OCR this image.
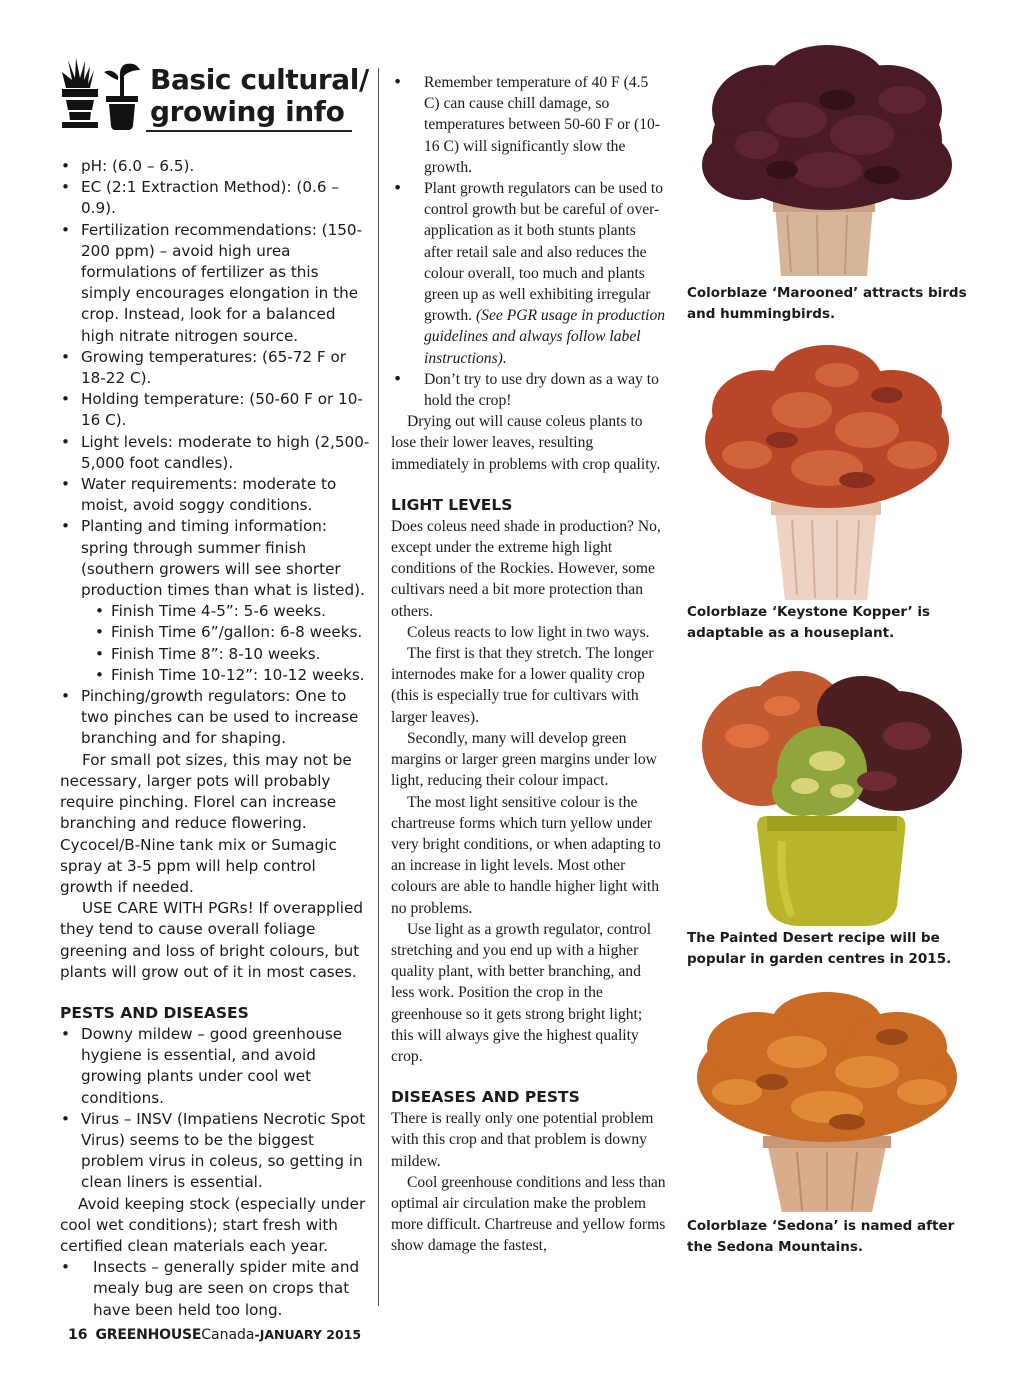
Basic cultural/
growing info
• pH: (6.0 – 6.5).
• EC (2:1 Extraction Method): (0.6 – 0.9).
• Fertilization recommendations: (150-200 ppm) – avoid high urea formulations of fertilizer as this simply encourages elongation in the crop. Instead, look for a balanced high nitrate nitrogen source.
• Growing temperatures: (65-72 F or 18-22 C).
• Holding temperature: (50-60 F or 10-16 C).
• Light levels: moderate to high (2,500-5,000 foot candles).
• Water requirements: moderate to moist, avoid soggy conditions.
• Planting and timing information: spring through summer finish (southern growers will see shorter production times than what is listed).
• Finish Time 4-5”: 5-6 weeks.
• Finish Time 6”/gallon: 6-8 weeks.
• Finish Time 8”: 8-10 weeks.
• Finish Time 10-12”: 10-12 weeks.
• Pinching/growth regulators: One to two pinches can be used to increase branching and for shaping.

For small pot sizes, this may not be necessary, larger pots will probably require pinching. Florel can increase branching and reduce flowering. Cycocel/B-Nine tank mix or Sumagic spray at 3-5 ppm will help control growth if needed.

USE CARE WITH PGRs! If overapplied they tend to cause overall foliage greening and loss of bright colours, but plants will grow out of it in most cases.

PESTS AND DISEASES
• Downy mildew – good greenhouse hygiene is essential, and avoid growing plants under cool wet conditions.
• Virus – INSV (Impatiens Necrotic Spot Virus) seems to be the biggest problem virus in coleus, so getting in clean liners is essential.

Avoid keeping stock (especially under cool wet conditions); start fresh with certified clean materials each year.

• Insects – generally spider mite and mealy bug are seen on crops that have been held too long.
• Remember temperature of 40 F (4.5 C) can cause chill damage, so temperatures between 50-60 F or (10-16 C) will significantly slow the growth.
• Plant growth regulators can be used to control growth but be careful of over-application as it both stunts plants after retail sale and also reduces the colour overall, too much and plants green up as well exhibiting irregular growth. (See PGR usage in production guidelines and always follow label instructions).
• Don’t try to use dry down as a way to hold the crop!

Drying out will cause coleus plants to lose their lower leaves, resulting immediately in problems with crop quality.

LIGHT LEVELS

Does coleus need shade in production? No, except under the extreme high light conditions of the Rockies. However, some cultivars need a bit more protection than others.

Coleus reacts to low light in two ways.

The first is that they stretch. The longer internodes make for a lower quality crop (this is especially true for cultivars with larger leaves).

Secondly, many will develop green margins or larger green margins under low light, reducing their colour impact.

The most light sensitive colour is the chartreuse forms which turn yellow under very bright conditions, or when adapting to an increase in light levels. Most other colours are able to handle higher light with no problems.

Use light as a growth regulator, control stretching and you end up with a higher quality plant, with better branching, and less work. Position the crop in the greenhouse so it gets strong bright light; this will always give the highest quality crop.

DISEASES AND PESTS

There is really only one potential problem with this crop and that problem is downy mildew.

Cool greenhouse conditions and less than optimal air circulation make the problem more difficult. Chartreuse and yellow forms show damage the fastest,

Colorblaze ‘Marooned’ attracts birds and hummingbirds.

Colorblaze ‘Keystone Kopper’ is adaptable as a houseplant.

The Painted Desert recipe will be popular in garden centres in 2015.

Colorblaze ‘Sedona’ is named after the Sedona Mountains.

16 GREENHOUSECanada-JANUARY 2015
